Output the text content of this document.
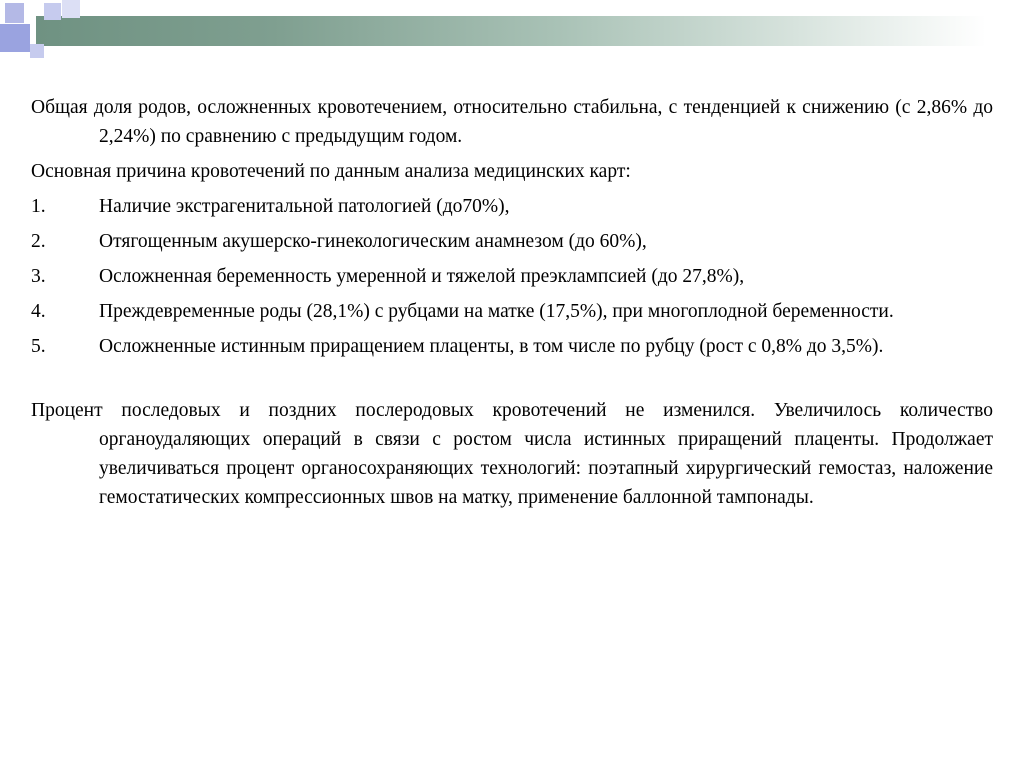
Общая доля родов, осложненных кровотечением, относительно стабильна, с тенденцией к снижению (с 2,86% до 2,24%) по сравнению с предыдущим годом.

Основная причина кровотечений по данным анализа медицинских карт:

1.	Наличие экстрагенитальной патологией (до70%),
2.	Отягощенным акушерско-гинекологическим анамнезом (до 60%),
3.	Осложненная беременность умеренной и тяжелой преэклампсией (до 27,8%),
4.	Преждевременные роды (28,1%) с рубцами на матке (17,5%), при многоплодной беременности.
5.	Осложненные истинным приращением плаценты, в том числе по рубцу (рост с 0,8% до 3,5%).

Процент последовых и поздних послеродовых кровотечений не изменился. Увеличилось количество органоудаляющих операций в связи с ростом числа истинных приращений плаценты. Продолжает увеличиваться процент органосохраняющих технологий: поэтапный хирургический гемостаз, наложение гемостатических компрессионных швов на матку, применение баллонной тампонады.
